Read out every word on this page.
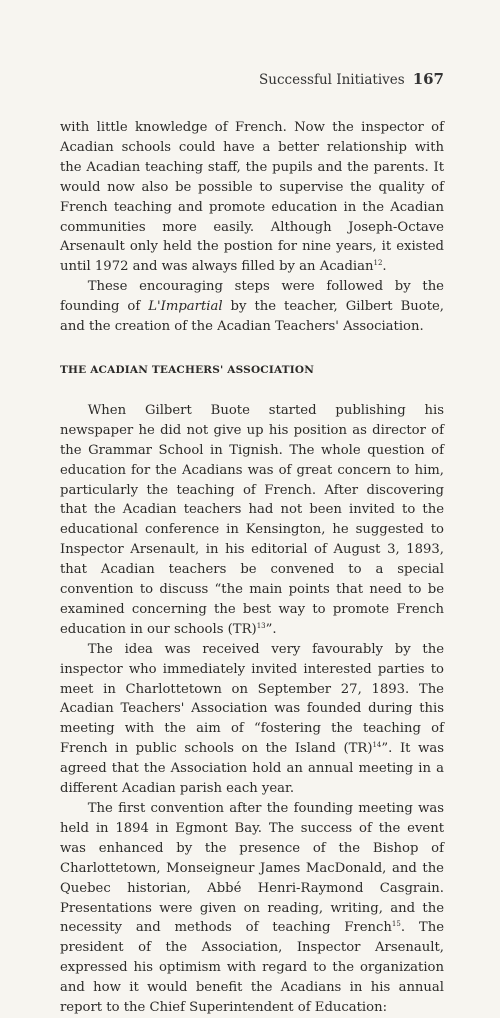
Successful Initiatives 167

with little knowledge of French. Now the inspector of Acadian schools could have a better relationship with the Acadian teaching staff, the pupils and the parents. It would now also be possible to supervise the quality of French teaching and promote education in the Acadian communities more easily. Although Joseph-Octave Arsenault only held the postion for nine years, it existed until 1972 and was always filled by an Acadian$^{12}$.

These encouraging steps were followed by the founding of L'Impartial by the teacher, Gilbert Buote, and the creation of the Acadian Teachers' Association.

THE ACADIAN TEACHERS' ASSOCIATION

When Gilbert Buote started publishing his newspaper he did not give up his position as director of the Grammar School in Tignish. The whole question of education for the Acadians was of great concern to him, particularly the teaching of French. After discovering that the Acadian teachers had not been invited to the educational conference in Kensington, he suggested to Inspector Arsenault, in his editorial of August 3, 1893, that Acadian teachers be convened to a special convention to discuss “the main points that need to be examined concerning the best way to promote French education in our schools (TR)$^{13}$”.

The idea was received very favourably by the inspector who immediately invited interested parties to meet in Charlottetown on September 27, 1893. The Acadian Teachers' Association was founded during this meeting with the aim of “fostering the teaching of French in public schools on the Island (TR)$^{14}$”. It was agreed that the Association hold an annual meeting in a different Acadian parish each year.

The first convention after the founding meeting was held in 1894 in Egmont Bay. The success of the event was enhanced by the presence of the Bishop of Charlottetown, Monseigneur James MacDonald, and the Quebec historian, Abbé Henri-Raymond Casgrain. Presentations were given on reading, writing, and the necessity and methods of teaching French$^{15}$. The president of the Association, Inspector Arsenault, expressed his optimism with regard to the organization and how it would benefit the Acadians in his annual report to the Chief Superintendent of Education:
